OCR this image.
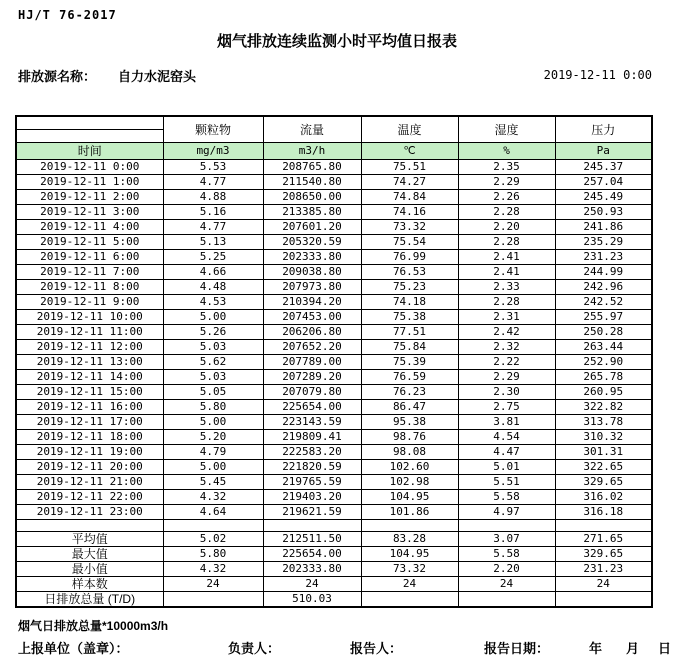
HJ/T 76-2017
烟气排放连续监测小时平均值日报表
排放源名称： 自力水泥窑头	2019-12-11 0:00
	颗粒物	流量	温度	湿度	压力

时间	mg/m3	m3/h	℃	%	Pa
2019-12-11 0:00	5.53	208765.80	75.51	2.35	245.37
2019-12-11 1:00	4.77	211540.80	74.27	2.29	257.04
2019-12-11 2:00	4.88	208650.00	74.84	2.26	245.49
2019-12-11 3:00	5.16	213385.80	74.16	2.28	250.93
2019-12-11 4:00	4.77	207601.20	73.32	2.20	241.86
2019-12-11 5:00	5.13	205320.59	75.54	2.28	235.29
2019-12-11 6:00	5.25	202333.80	76.99	2.41	231.23
2019-12-11 7:00	4.66	209038.80	76.53	2.41	244.99
2019-12-11 8:00	4.48	207973.80	75.23	2.33	242.96
2019-12-11 9:00	4.53	210394.20	74.18	2.28	242.52
2019-12-11 10:00	5.00	207453.00	75.38	2.31	255.97
2019-12-11 11:00	5.26	206206.80	77.51	2.42	250.28
2019-12-11 12:00	5.03	207652.20	75.84	2.32	263.44
2019-12-11 13:00	5.62	207789.00	75.39	2.22	252.90
2019-12-11 14:00	5.03	207289.20	76.59	2.29	265.78
2019-12-11 15:00	5.05	207079.80	76.23	2.30	260.95
2019-12-11 16:00	5.80	225654.00	86.47	2.75	322.82
2019-12-11 17:00	5.00	223143.59	95.38	3.81	313.78
2019-12-11 18:00	5.20	219809.41	98.76	4.54	310.32
2019-12-11 19:00	4.79	222583.20	98.08	4.47	301.31
2019-12-11 20:00	5.00	221820.59	102.60	5.01	322.65
2019-12-11 21:00	5.45	219765.59	102.98	5.51	329.65
2019-12-11 22:00	4.32	219403.20	104.95	5.58	316.02
2019-12-11 23:00	4.64	219621.59	101.86	4.97	316.18

平均值	5.02	212511.50	83.28	3.07	271.65
最大值	5.80	225654.00	104.95	5.58	329.65
最小值	4.32	202333.80	73.32	2.20	231.23
样本数	24	24	24	24	24
日排放总量 (T/D)		510.03			
烟气日排放总量*10000m3/h
上报单位（盖章）：	负责人：	报告人：	报告日期：	年 月 日
